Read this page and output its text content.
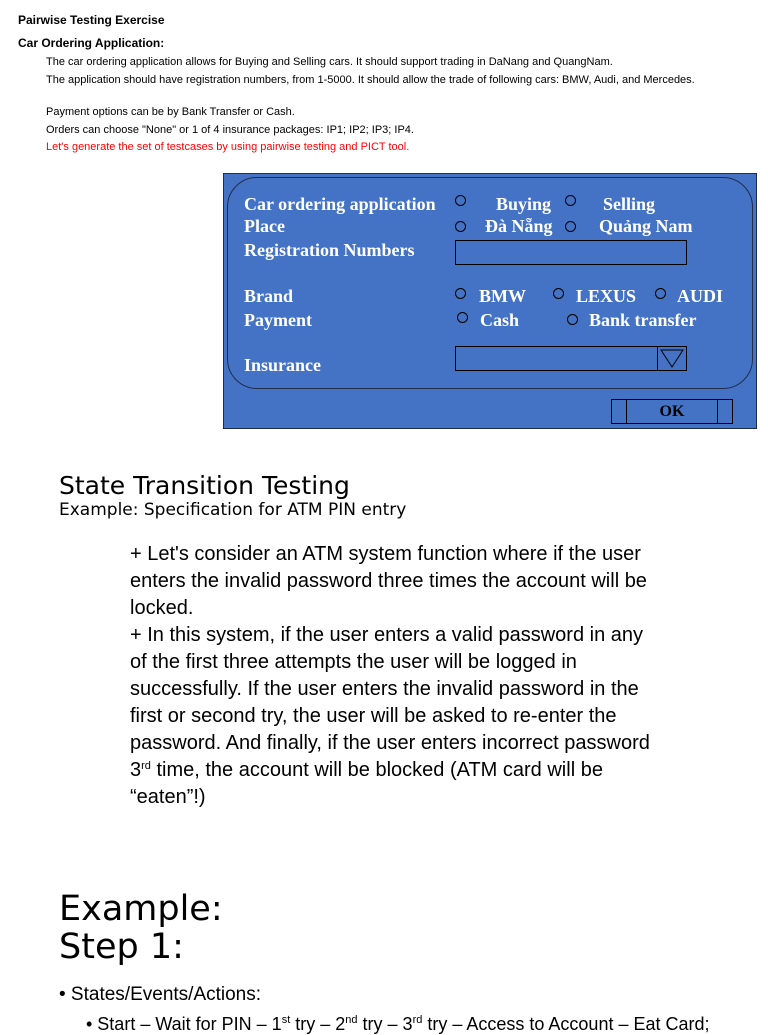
Pairwise Testing Exercise
Car Ordering Application:
The car ordering application allows for Buying and Selling cars. It should support trading in DaNang and QuangNam.
The application should have registration numbers, from 1-5000. It should allow the trade of following cars: BMW, Audi, and Mercedes.
Payment options can be by Bank Transfer or Cash.
Orders can choose "None" or 1 of 4 insurance packages: IP1; IP2; IP3; IP4.
Let's generate the set of testcases by using pairwise testing and PICT tool.
Car ordering application	Buying	Selling
Place	Đà Nẵng	Quảng Nam
Registration Numbers
Brand	BMW	LEXUS AUDI
Payment	Cash	Bank transfer
Insurance
OK
State Transition Testing
Example: Specification for ATM PIN entry
+ Let's consider an ATM system function where if the user enters the invalid password three times the account will be locked.
+ In this system, if the user enters a valid password in any of the first three attempts the user will be logged in successfully. If the user enters the invalid password in the first or second try, the user will be asked to re-enter the password. And finally, if the user enters incorrect password 3rd time, the account will be blocked (ATM card will be “eaten”!)
Example:
Step 1:
• States/Events/Actions:
• Start – Wait for PIN – 1st try – 2nd try – 3rd try – Access to Account – Eat Card;
